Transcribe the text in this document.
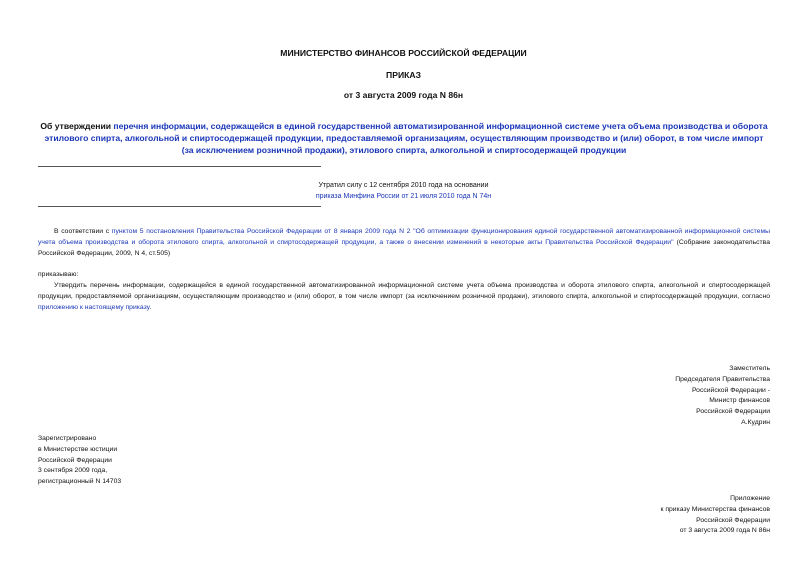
МИНИСТЕРСТВО ФИНАНСОВ РОССИЙСКОЙ ФЕДЕРАЦИИ
ПРИКАЗ
от 3 августа 2009 года N 86н
Об утверждении перечня информации, содержащейся в единой государственной автоматизированной информационной системе учета объема производства и оборота этилового спирта, алкогольной и спиртосодержащей продукции, предоставляемой организациям, осуществляющим производство и (или) оборот, в том числе импорт (за исключением розничной продажи), этилового спирта, алкогольной и спиртосодержащей продукции
Утратил силу с 12 сентября 2010 года на основании
приказа Минфина России от 21 июля 2010 года N 74н
В соответствии с пунктом 5 постановления Правительства Российской Федерации от 8 января 2009 года N 2 "Об оптимизации функционирования единой государственной автоматизированной информационной системы учета объема производства и оборота этилового спирта, алкогольной и спиртосодержащей продукции, а также о внесении изменений в некоторые акты Правительства Российской Федерации" (Собрание законодательства Российской Федерации, 2009, N 4, ст.505)
приказываю:
Утвердить перечень информации, содержащейся в единой государственной автоматизированной информационной системе учета объема производства и оборота этилового спирта, алкогольной и спиртосодержащей продукции, предоставляемой организациям, осуществляющим производство и (или) оборот, в том числе импорт (за исключением розничной продажи), этилового спирта, алкогольной и спиртосодержащей продукции, согласно приложению к настоящему приказу.
Заместитель
Председателя Правительства
Российской Федерации -
Министр финансов
Российской Федерации
А.Кудрин
Зарегистрировано
в Министерстве юстиции
Российской Федерации
3 сентября 2009 года,
регистрационный N 14703
Приложение
к приказу Министерства финансов
Российской Федерации
от 3 августа 2009 года N 86н
